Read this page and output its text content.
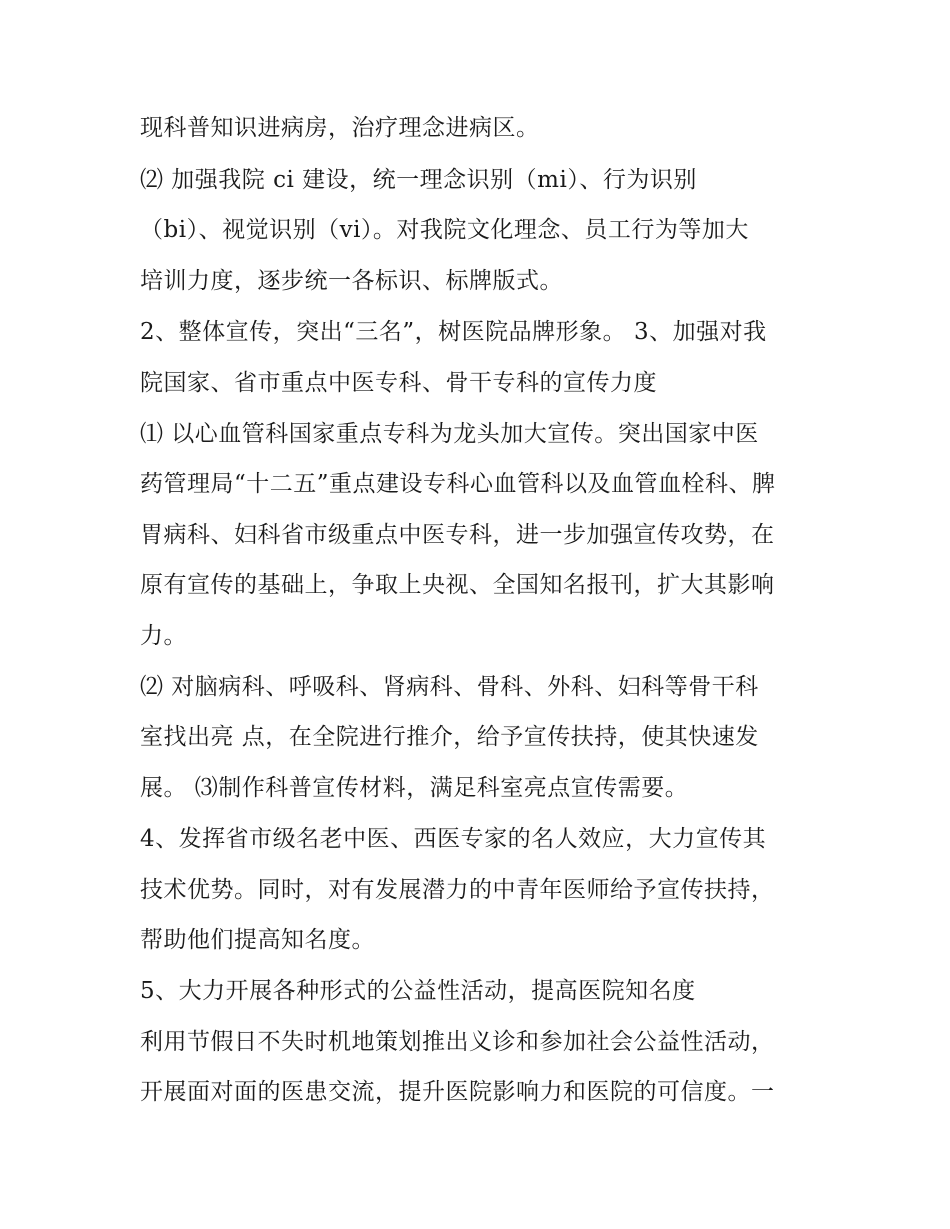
现科普知识进病房，治疗理念进病区。
⑵ 加强我院 ci 建设，统一理念识别（mi）、行为识别
（bi）、视觉识别（vi）。对我院文化理念、员工行为等加大
培训力度，逐步统一各标识、标牌版式。
2、整体宣传，突出“三名”，树医院品牌形象。 3、加强对我
院国家、省市重点中医专科、骨干专科的宣传力度
⑴ 以心血管科国家重点专科为龙头加大宣传。突出国家中医
药管理局“十二五”重点建设专科心血管科以及血管血栓科、脾
胃病科、妇科省市级重点中医专科，进一步加强宣传攻势，在
原有宣传的基础上，争取上央视、全国知名报刊，扩大其影响
力。
⑵ 对脑病科、呼吸科、肾病科、骨科、外科、妇科等骨干科
室找出亮 点，在全院进行推介，给予宣传扶持，使其快速发
展。 ⑶制作科普宣传材料，满足科室亮点宣传需要。
4、发挥省市级名老中医、西医专家的名人效应，大力宣传其
技术优势。同时，对有发展潜力的中青年医师给予宣传扶持，
帮助他们提高知名度。
5、大力开展各种形式的公益性活动，提高医院知名度
利用节假日不失时机地策划推出义诊和参加社会公益性活动，
开展面对面的医患交流，提升医院影响力和医院的可信度。一
